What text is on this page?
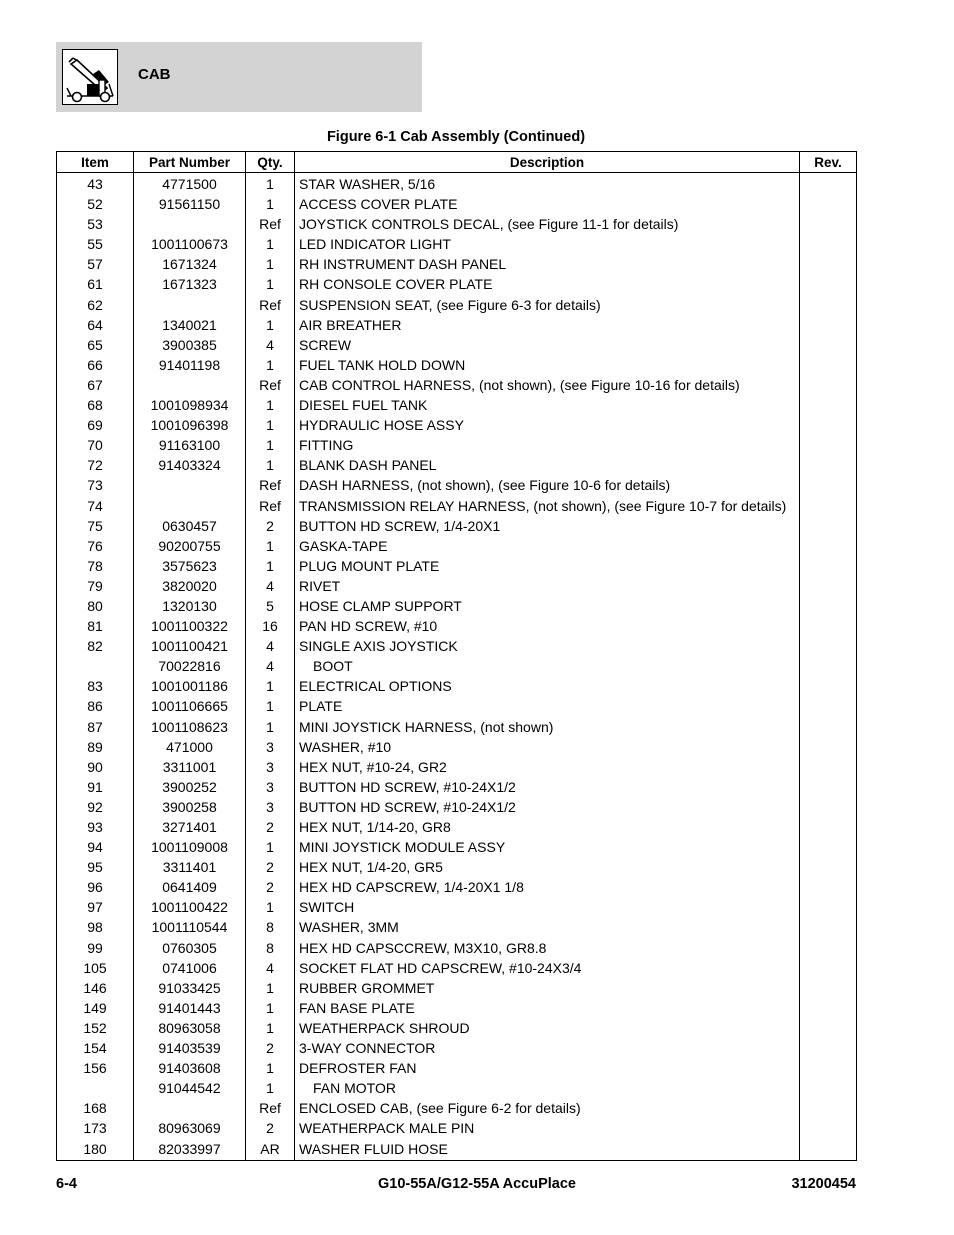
CAB
Figure 6-1 Cab Assembly (Continued)
Item	Part Number	Qty.	Description	Rev.
43	4771500	1	STAR WASHER, 5/16	
52	91561150	1	ACCESS COVER PLATE	
53		Ref	JOYSTICK CONTROLS DECAL, (see Figure 11-1 for details)	
55	1001100673	1	LED INDICATOR LIGHT	
57	1671324	1	RH INSTRUMENT DASH PANEL	
61	1671323	1	RH CONSOLE COVER PLATE	
62		Ref	SUSPENSION SEAT, (see Figure 6-3 for details)	
64	1340021	1	AIR BREATHER	
65	3900385	4	SCREW	
66	91401198	1	FUEL TANK HOLD DOWN	
67		Ref	CAB CONTROL HARNESS, (not shown), (see Figure 10-16 for details)	
68	1001098934	1	DIESEL FUEL TANK	
69	1001096398	1	HYDRAULIC HOSE ASSY	
70	91163100	1	FITTING	
72	91403324	1	BLANK DASH PANEL	
73		Ref	DASH HARNESS, (not shown), (see Figure 10-6 for details)	
74		Ref	TRANSMISSION RELAY HARNESS, (not shown), (see Figure 10-7 for details)	
75	0630457	2	BUTTON HD SCREW, 1/4-20X1	
76	90200755	1	GASKA-TAPE	
78	3575623	1	PLUG MOUNT PLATE	
79	3820020	4	RIVET	
80	1320130	5	HOSE CLAMP SUPPORT	
81	1001100322	16	PAN HD SCREW, #10	
82	1001100421	4	SINGLE AXIS JOYSTICK	
	70022816	4	BOOT	
83	1001001186	1	ELECTRICAL OPTIONS	
86	1001106665	1	PLATE	
87	1001108623	1	MINI JOYSTICK HARNESS, (not shown)	
89	471000	3	WASHER, #10	
90	3311001	3	HEX NUT, #10-24, GR2	
91	3900252	3	BUTTON HD SCREW, #10-24X1/2	
92	3900258	3	BUTTON HD SCREW, #10-24X1/2	
93	3271401	2	HEX NUT, 1/14-20, GR8	
94	1001109008	1	MINI JOYSTICK MODULE ASSY	
95	3311401	2	HEX NUT, 1/4-20, GR5	
96	0641409	2	HEX HD CAPSCREW, 1/4-20X1 1/8	
97	1001100422	1	SWITCH	
98	1001110544	8	WASHER, 3MM	
99	0760305	8	HEX HD CAPSCCREW, M3X10, GR8.8	
105	0741006	4	SOCKET FLAT HD CAPSCREW, #10-24X3/4	
146	91033425	1	RUBBER GROMMET	
149	91401443	1	FAN BASE PLATE	
152	80963058	1	WEATHERPACK SHROUD	
154	91403539	2	3-WAY CONNECTOR	
156	91403608	1	DEFROSTER FAN	
	91044542	1	FAN MOTOR	
168		Ref	ENCLOSED CAB, (see Figure 6-2 for details)	
173	80963069	2	WEATHERPACK MALE PIN	
180	82033997	AR	WASHER FLUID HOSE	
6-4	G10-55A/G12-55A AccuPlace	31200454
